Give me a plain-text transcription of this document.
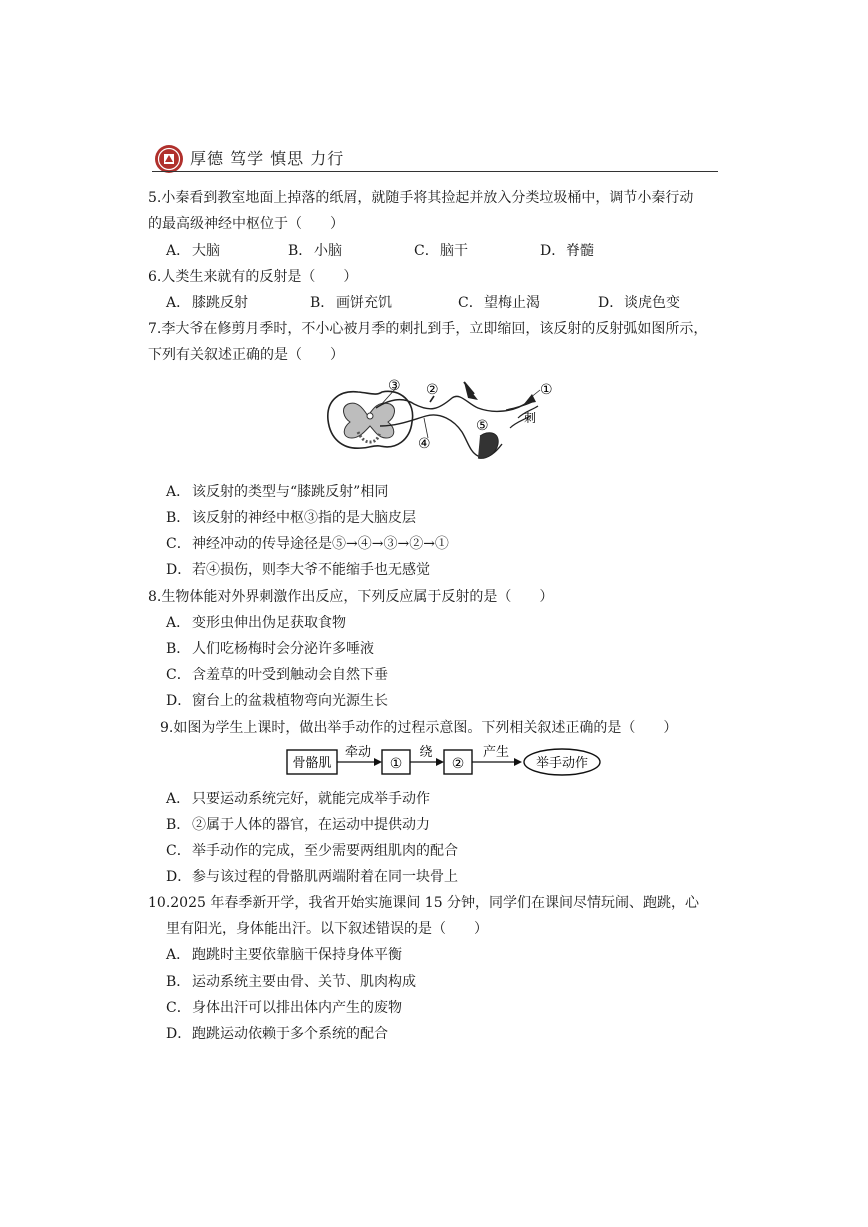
厚德 笃学 慎思 力行
5.小秦看到教室地面上掉落的纸屑，就随手将其捡起并放入分类垃圾桶中，调节小秦行动
的最高级神经中枢位于（　　）
A． 大脑	B． 小脑	C．脑干	D．脊髓
6.人类生来就有的反射是（　　）
A． 膝跳反射	B． 画饼充饥	C．望梅止渴	D．谈虎色变
7.李大爷在修剪月季时，不小心被月季的刺扎到手，立即缩回，该反射的反射弧如图所示，
下列有关叙述正确的是（　　）
③ ②	①
④
⑤	刺
A． 该反射的类型与“膝跳反射”相同
B． 该反射的神经中枢③指的是大脑皮层
C．神经冲动的传导途径是⑤→④→③→②→①
D．若④损伤，则李大爷不能缩手也无感觉
8.生物体能对外界刺激作出反应，下列反应属于反射的是（　　）
A． 变形虫伸出伪足获取食物
B． 人们吃杨梅时会分泌许多唾液
C．含羞草的叶受到触动会自然下垂
D．窗台上的盆栽植物弯向光源生长
9.如图为学生上课时，做出举手动作的过程示意图。下列相关叙述正确的是（　　）
骨骼肌
牵动
①
绕
②
产生
举手动作
A． 只要运动系统完好，就能完成举手动作
B． ②属于人体的器官，在运动中提供动力
C．举手动作的完成，至少需要两组肌肉的配合
D．参与该过程的骨骼肌两端附着在同一块骨上
10.2025 年春季新开学，我省开始实施课间 15 分钟，同学们在课间尽情玩闹、跑跳，心
里有阳光，身体能出汗。以下叙述错误的是（　　）
A． 跑跳时主要依靠脑干保持身体平衡
B． 运动系统主要由骨、关节、肌肉构成
C．身体出汗可以排出体内产生的废物
D．跑跳运动依赖于多个系统的配合
